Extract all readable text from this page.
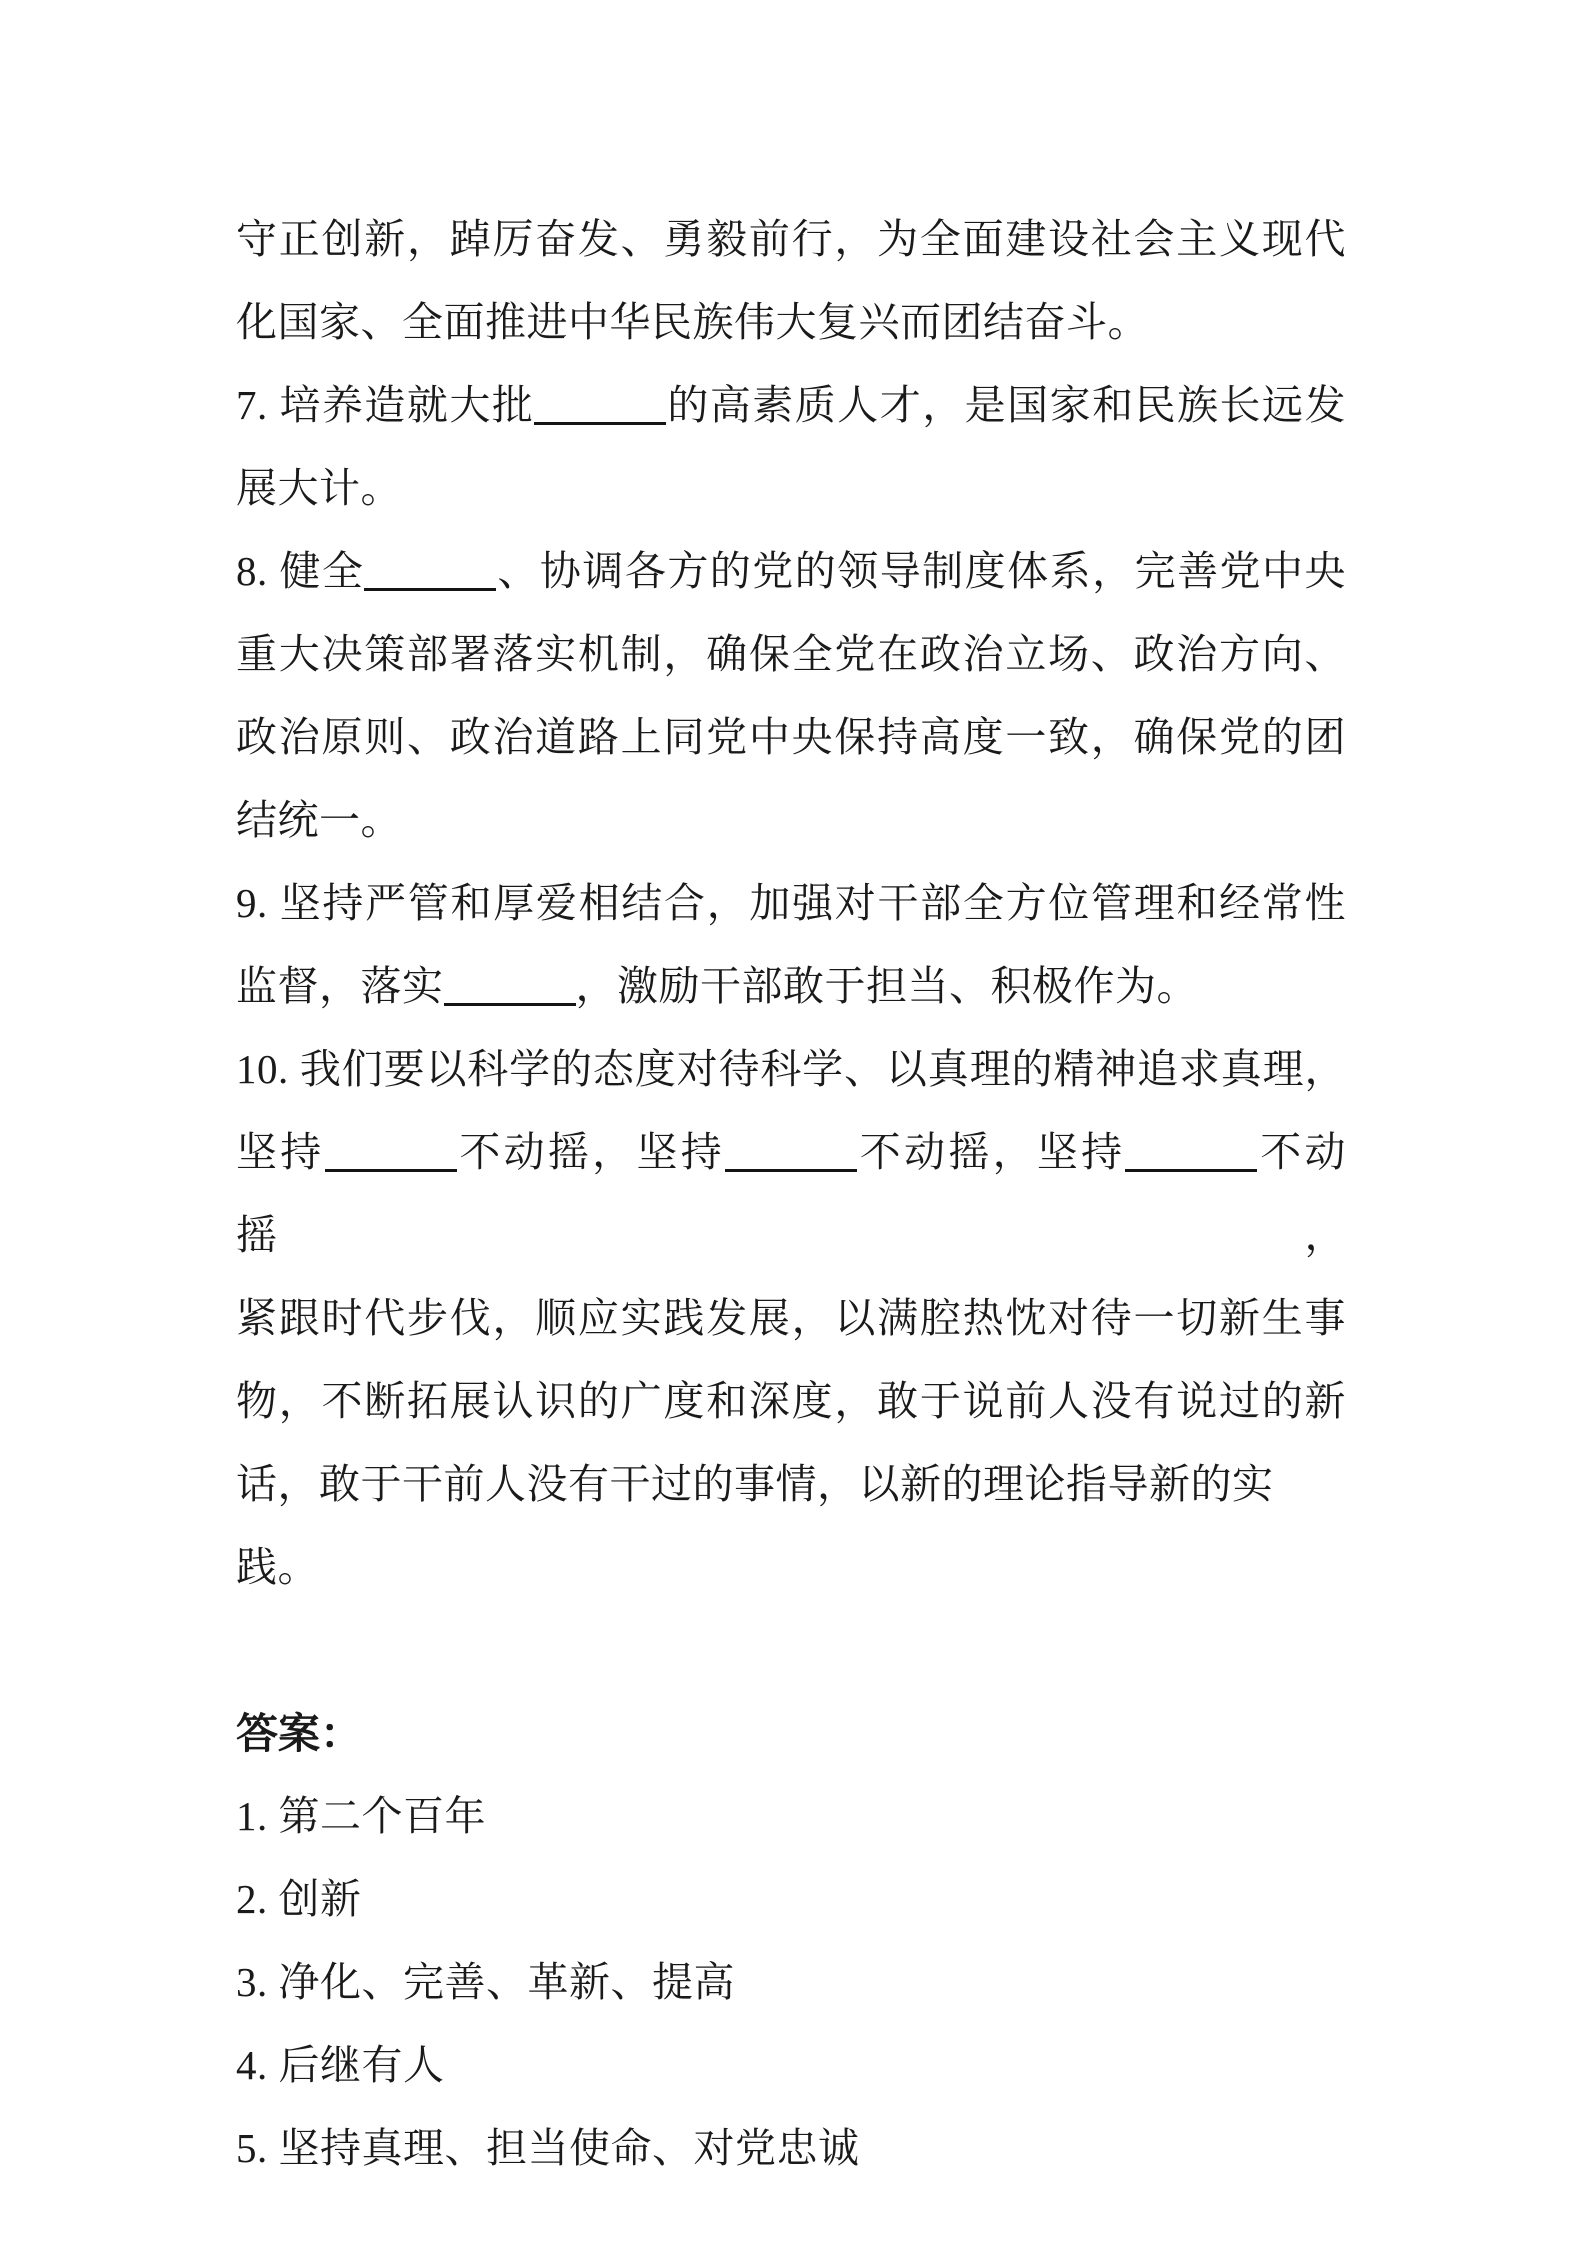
守正创新，踔厉奋发、勇毅前行，为全面建设社会主义现代
化国家、全面推进中华民族伟大复兴而团结奋斗。
7. 培养造就大批	的高素质人才，是国家和民族长远发
展大计。
8. 健全	、协调各方的党的领导制度体系，完善党中央
重大决策部署落实机制，确保全党在政治立场、政治方向、
政治原则、政治道路上同党中央保持高度一致，确保党的团
结统一。
9. 坚持严管和厚爱相结合，加强对干部全方位管理和经常性
监督，落实	，激励干部敢于担当、积极作为。
10. 我们要以科学的态度对待科学、以真理的精神追求真理，
坚持	不动摇，坚持	不动摇，坚持	不动摇，
紧跟时代步伐，顺应实践发展，以满腔热忱对待一切新生事
物，不断拓展认识的广度和深度，敢于说前人没有说过的新
话，敢于干前人没有干过的事情，以新的理论指导新的实践。
答案：
1. 第二个百年
2. 创新
3. 净化、完善、革新、提高
4. 后继有人
5. 坚持真理、担当使命、对党忠诚
